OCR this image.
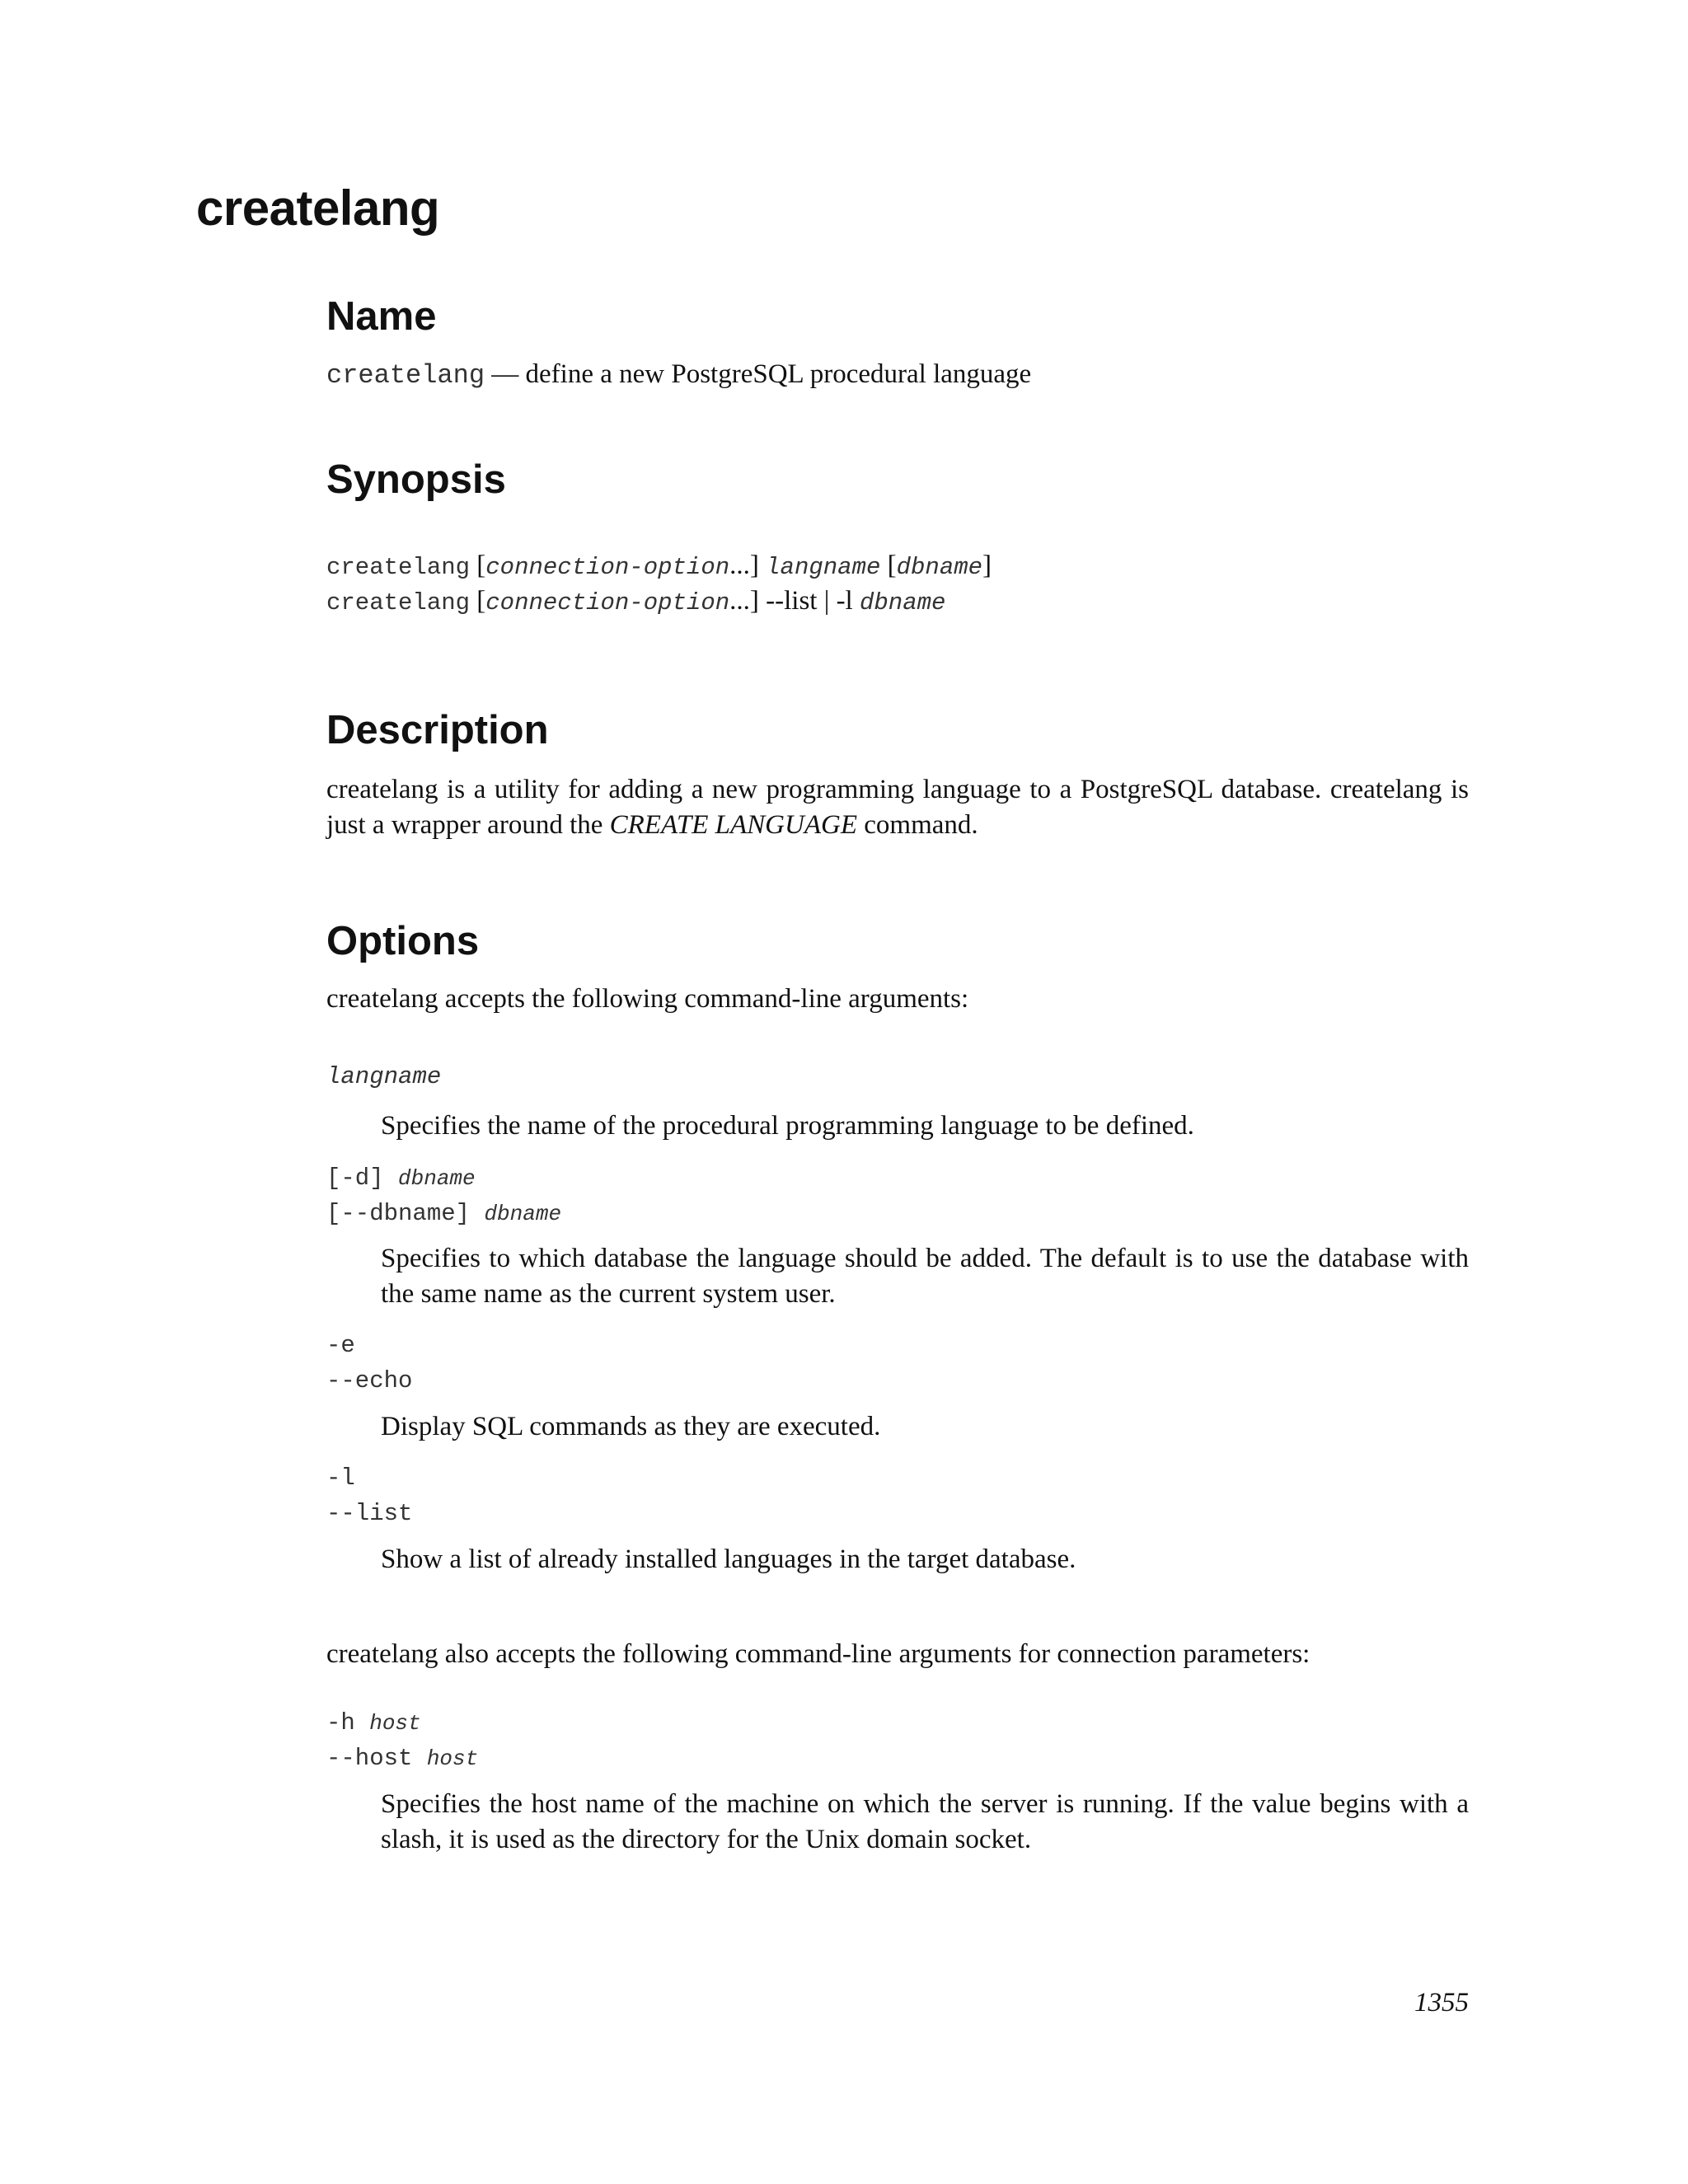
createlang
Name
createlang — define a new PostgreSQL procedural language
Synopsis
createlang [connection-option...] langname [dbname]
createlang [connection-option...] --list | -l dbname
Description
createlang is a utility for adding a new programming language to a PostgreSQL database. createlang is just a wrapper around the CREATE LANGUAGE command.
Options
createlang accepts the following command-line arguments:
langname
Specifies the name of the procedural programming language to be defined.
[-d] dbname
[--dbname] dbname
Specifies to which database the language should be added. The default is to use the database with the same name as the current system user.
-e
--echo
Display SQL commands as they are executed.
-l
--list
Show a list of already installed languages in the target database.
createlang also accepts the following command-line arguments for connection parameters:
-h host
--host host
Specifies the host name of the machine on which the server is running. If the value begins with a slash, it is used as the directory for the Unix domain socket.
1355
